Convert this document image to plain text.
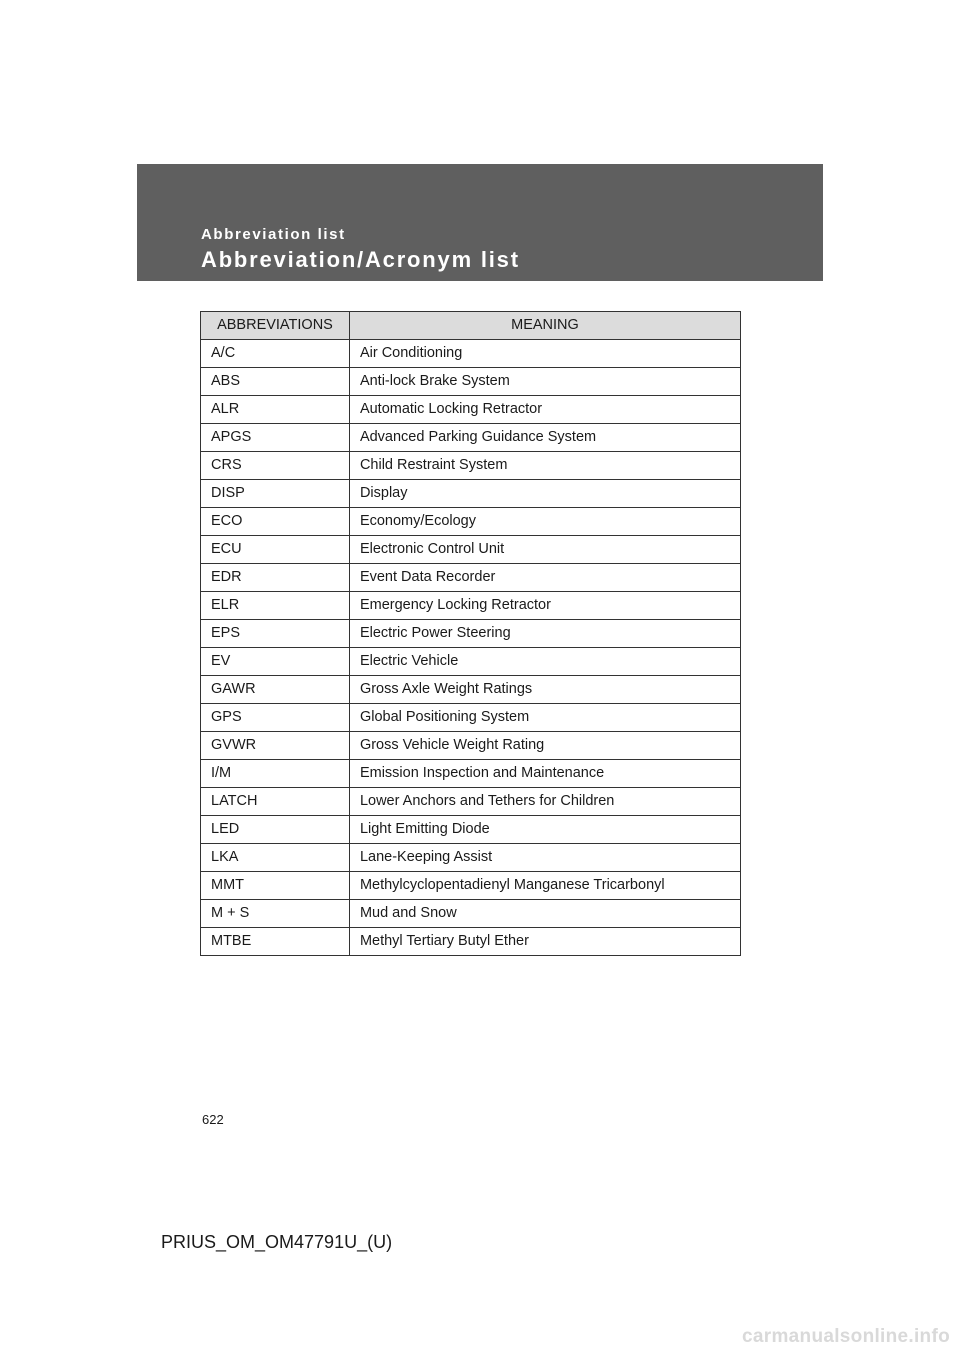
Abbreviation list
Abbreviation/Acronym list
ABBREVIATIONS	MEANING
A/C	Air Conditioning
ABS	Anti-lock Brake System
ALR	Automatic Locking Retractor
APGS	Advanced Parking Guidance System
CRS	Child Restraint System
DISP	Display
ECO	Economy/Ecology
ECU	Electronic Control Unit
EDR	Event Data Recorder
ELR	Emergency Locking Retractor
EPS	Electric Power Steering
EV	Electric Vehicle
GAWR	Gross Axle Weight Ratings
GPS	Global Positioning System
GVWR	Gross Vehicle Weight Rating
I/M	Emission Inspection and Maintenance
LATCH	Lower Anchors and Tethers for Children
LED	Light Emitting Diode
LKA	Lane-Keeping Assist
MMT	Methylcyclopentadienyl Manganese Tricarbonyl
M + S	Mud and Snow
MTBE	Methyl Tertiary Butyl Ether
622
PRIUS_OM_OM47791U_(U)
carmanualsonline.info
